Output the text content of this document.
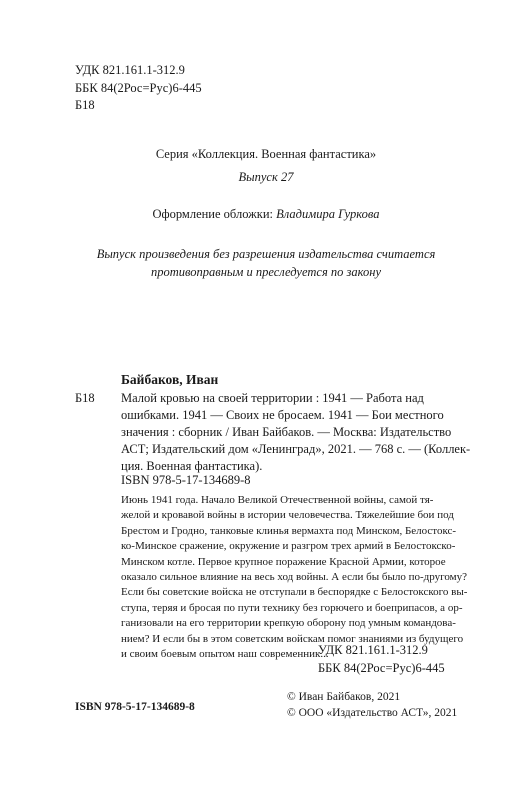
УДК 821.161.1-312.9
ББК 84(2Рос=Рус)6-445
Б18
Серия «Коллекция. Военная фантастика»
Выпуск 27
Оформление обложки: Владимира Гуркова
Выпуск произведения без разрешения издательства считается
противоправным и преследуется по закону
Байбаков, Иван
Б18 Малой кровью на своей территории : 1941 — Работа над
ошибками. 1941 — Своих не бросаем. 1941 — Бои местного
значения : сборник / Иван Байбаков. — Москва: Издательство
АСТ; Издательский дом «Ленинград», 2021. — 768 с. — (Коллек-
ция. Военная фантастика).
ISBN 978-5-17-134689-8
Июнь 1941 года. Начало Великой Отечественной войны, самой тя-
желой и кровавой войны в истории человечества. Тяжелейшие бои под
Брестом и Гродно, танковые клинья вермахта под Минском, Белостокс-
ко-Минское сражение, окружение и разгром трех армий в Белостокско-
Минском котле. Первое крупное поражение Красной Армии, которое
оказало сильное влияние на весь ход войны. А если бы было по-другому?
Если бы советские войска не отступали в беспорядке с Белостокского вы-
ступа, теряя и бросая по пути технику без горючего и боеприпасов, а ор-
ганизовали на его территории крепкую оборону под умным командова-
нием? И если бы в этом советским войскам помог знаниями из будущего
и своим боевым опытом наш современник...
УДК 821.161.1-312.9
ББК 84(2Рос=Рус)6-445
ISBN 978-5-17-134689-8
© Иван Байбаков, 2021
© ООО «Издательство АСТ», 2021
